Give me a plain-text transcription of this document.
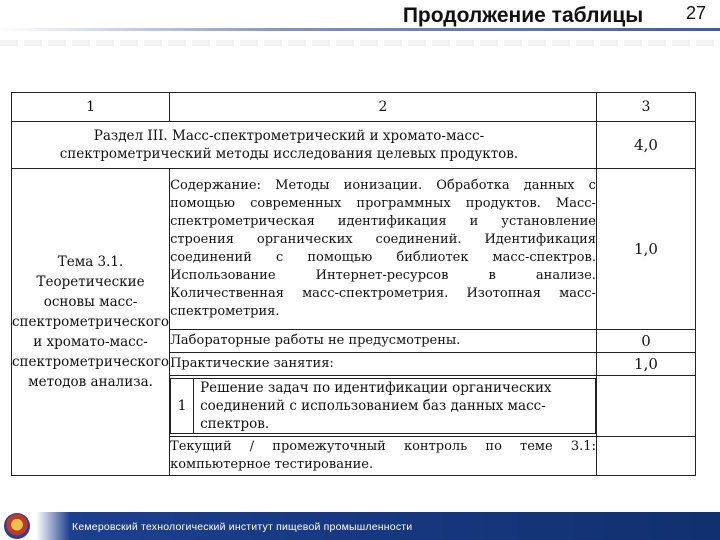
Продолжение таблицы	27
1	2	3
Раздел III. Масс-спектрометрический и хромато-масс-спектрометрический методы исследования целевых продуктов.	4,0
Тема 3.1. Теоретические основы масс-спектрометрического и хромато-масс-спектрометрического методов анализа.	Содержание: Методы ионизации. Обработка данных с помощью современных программных продуктов. Масс-спектрометрическая идентификация и установление строения органических соединений. Идентификация соединений с помощью библиотек масс-спектров. Использование Интернет-ресурсов в анализе. Количественная масс-спектрометрия. Изотопная масс-спектрометрия.	1,0
Лабораторные работы не предусмотрены.	0
Практические занятия:	1,0

1	Решение задач по идентификации органических соединений с использованием баз данных масс-спектров.

Текущий / промежуточный контроль по теме 3.1: компьютерное тестирование.	
Кемеровский технологический институт пищевой промышленности
